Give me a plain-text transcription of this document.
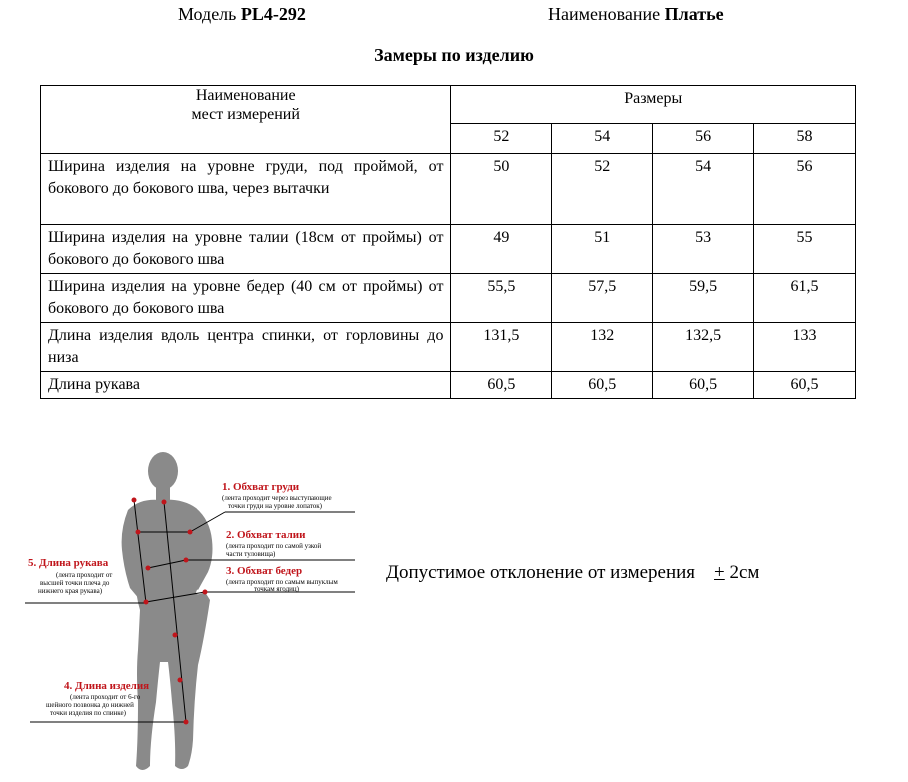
Модель PL4-292	Наименование Платье
Замеры по изделию
Наименование
мест измерений	Размеры			
	52	54	56	58
Ширина изделия на уровне груди, под проймой, от бокового до бокового шва, через вытачки	50	52	54	56
Ширина изделия на уровне талии (18см от проймы) от бокового до бокового шва	49	51	53	55
Ширина изделия на уровне бедер (40 см от проймы) от бокового до бокового шва	55,5	57,5	59,5	61,5
Длина изделия вдоль центра спинки, от горловины до низа	131,5	132	132,5	133
Длина рукава	60,5	60,5	60,5	60,5
1. Обхват груди
(лента проходит через выступающие
точки груди на уровне лопаток)
2. Обхват талии
(лента проходит по самой узкой
части туловища)
3. Обхват бедер
(лента проходит по самым выпуклым
точкам ягодиц)
5. Длина рукава
(лента проходит от
высшей точки плеча до
нижнего края рукава)
4. Длина изделия
(лента проходит от 6-го
шейного позвонка до нижней
точки изделия по спинке)
Допустимое отклонение от измерения + 2см
